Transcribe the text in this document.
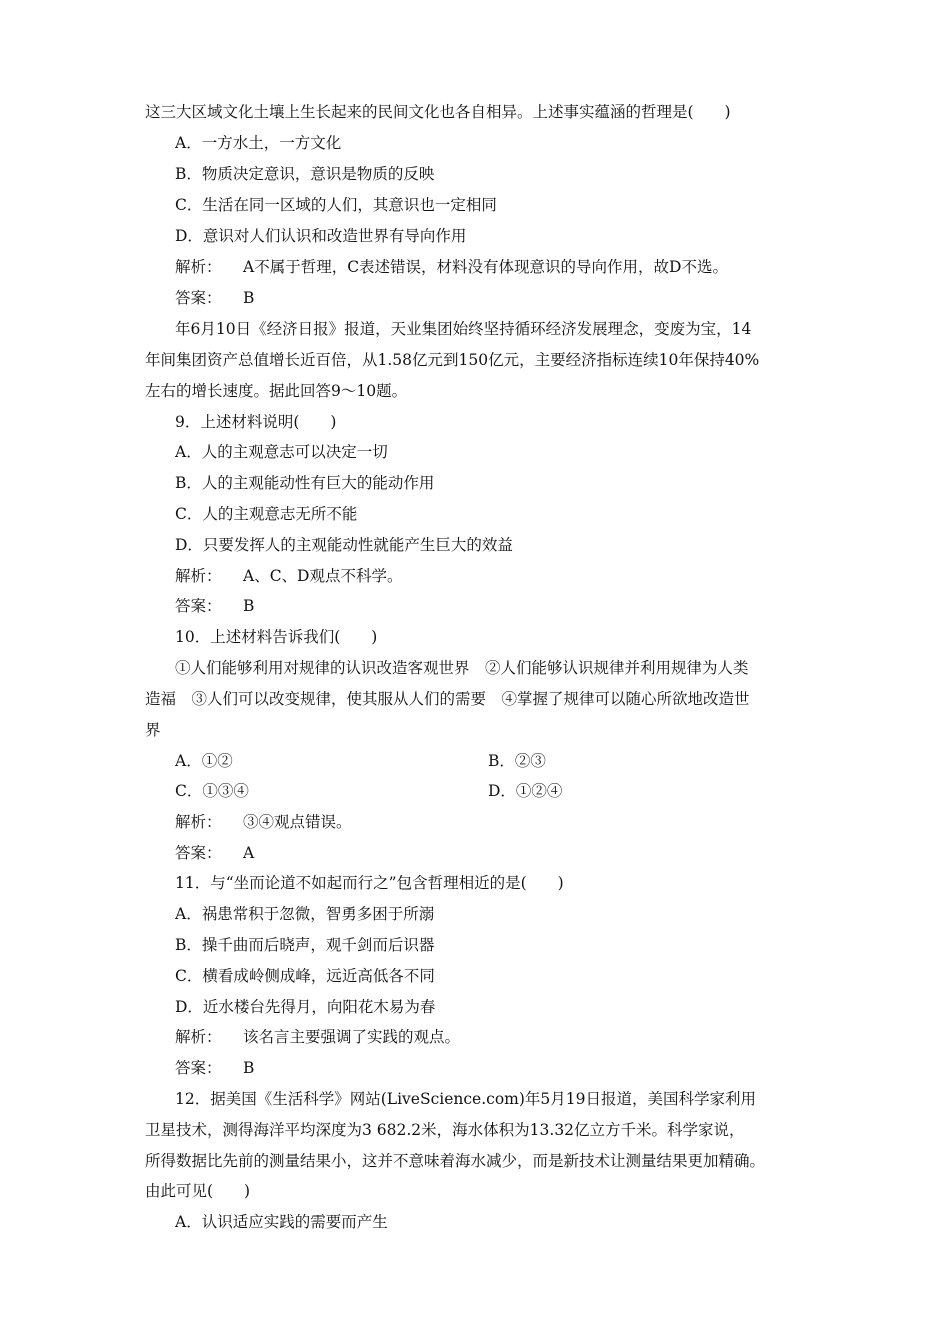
这三大区域文化土壤上生长起来的民间文化也各自相异。上述事实蕴涵的哲理是(　　)
A．一方水土，一方文化
B．物质决定意识，意识是物质的反映
C．生活在同一区域的人们，其意识也一定相同
D．意识对人们认识和改造世界有导向作用
解析： A不属于哲理，C表述错误，材料没有体现意识的导向作用，故D不选。
答案： B
年6月10日《经济日报》报道，天业集团始终坚持循环经济发展理念，变废为宝，14
年间集团资产总值增长近百倍，从1.58亿元到150亿元，主要经济指标连续10年保持40%
左右的增长速度。据此回答9～10题。
9．上述材料说明(　　)
A．人的主观意志可以决定一切
B．人的主观能动性有巨大的能动作用
C．人的主观意志无所不能
D．只要发挥人的主观能动性就能产生巨大的效益
解析： A、C、D观点不科学。
答案： B
10．上述材料告诉我们(　　)
①人们能够利用对规律的认识改造客观世界　②人们能够认识规律并利用规律为人类
造福　③人们可以改变规律，使其服从人们的需要　④掌握了规律可以随心所欲地改造世
界
A．①②	B．②③
C．①③④	D．①②④
解析： ③④观点错误。
答案： A
11．与“坐而论道不如起而行之”包含哲理相近的是(　　)
A．祸患常积于忽微，智勇多困于所溺
B．操千曲而后晓声，观千剑而后识器
C．横看成岭侧成峰，远近高低各不同
D．近水楼台先得月，向阳花木易为春
解析： 该名言主要强调了实践的观点。
答案： B
12．据美国《生活科学》网站(LiveScience.com)年5月19日报道，美国科学家利用
卫星技术，测得海洋平均深度为3 682.2米，海水体积为13.32亿立方千米。科学家说，
所得数据比先前的测量结果小，这并不意味着海水减少，而是新技术让测量结果更加精确。
由此可见(　　)
A．认识适应实践的需要而产生
